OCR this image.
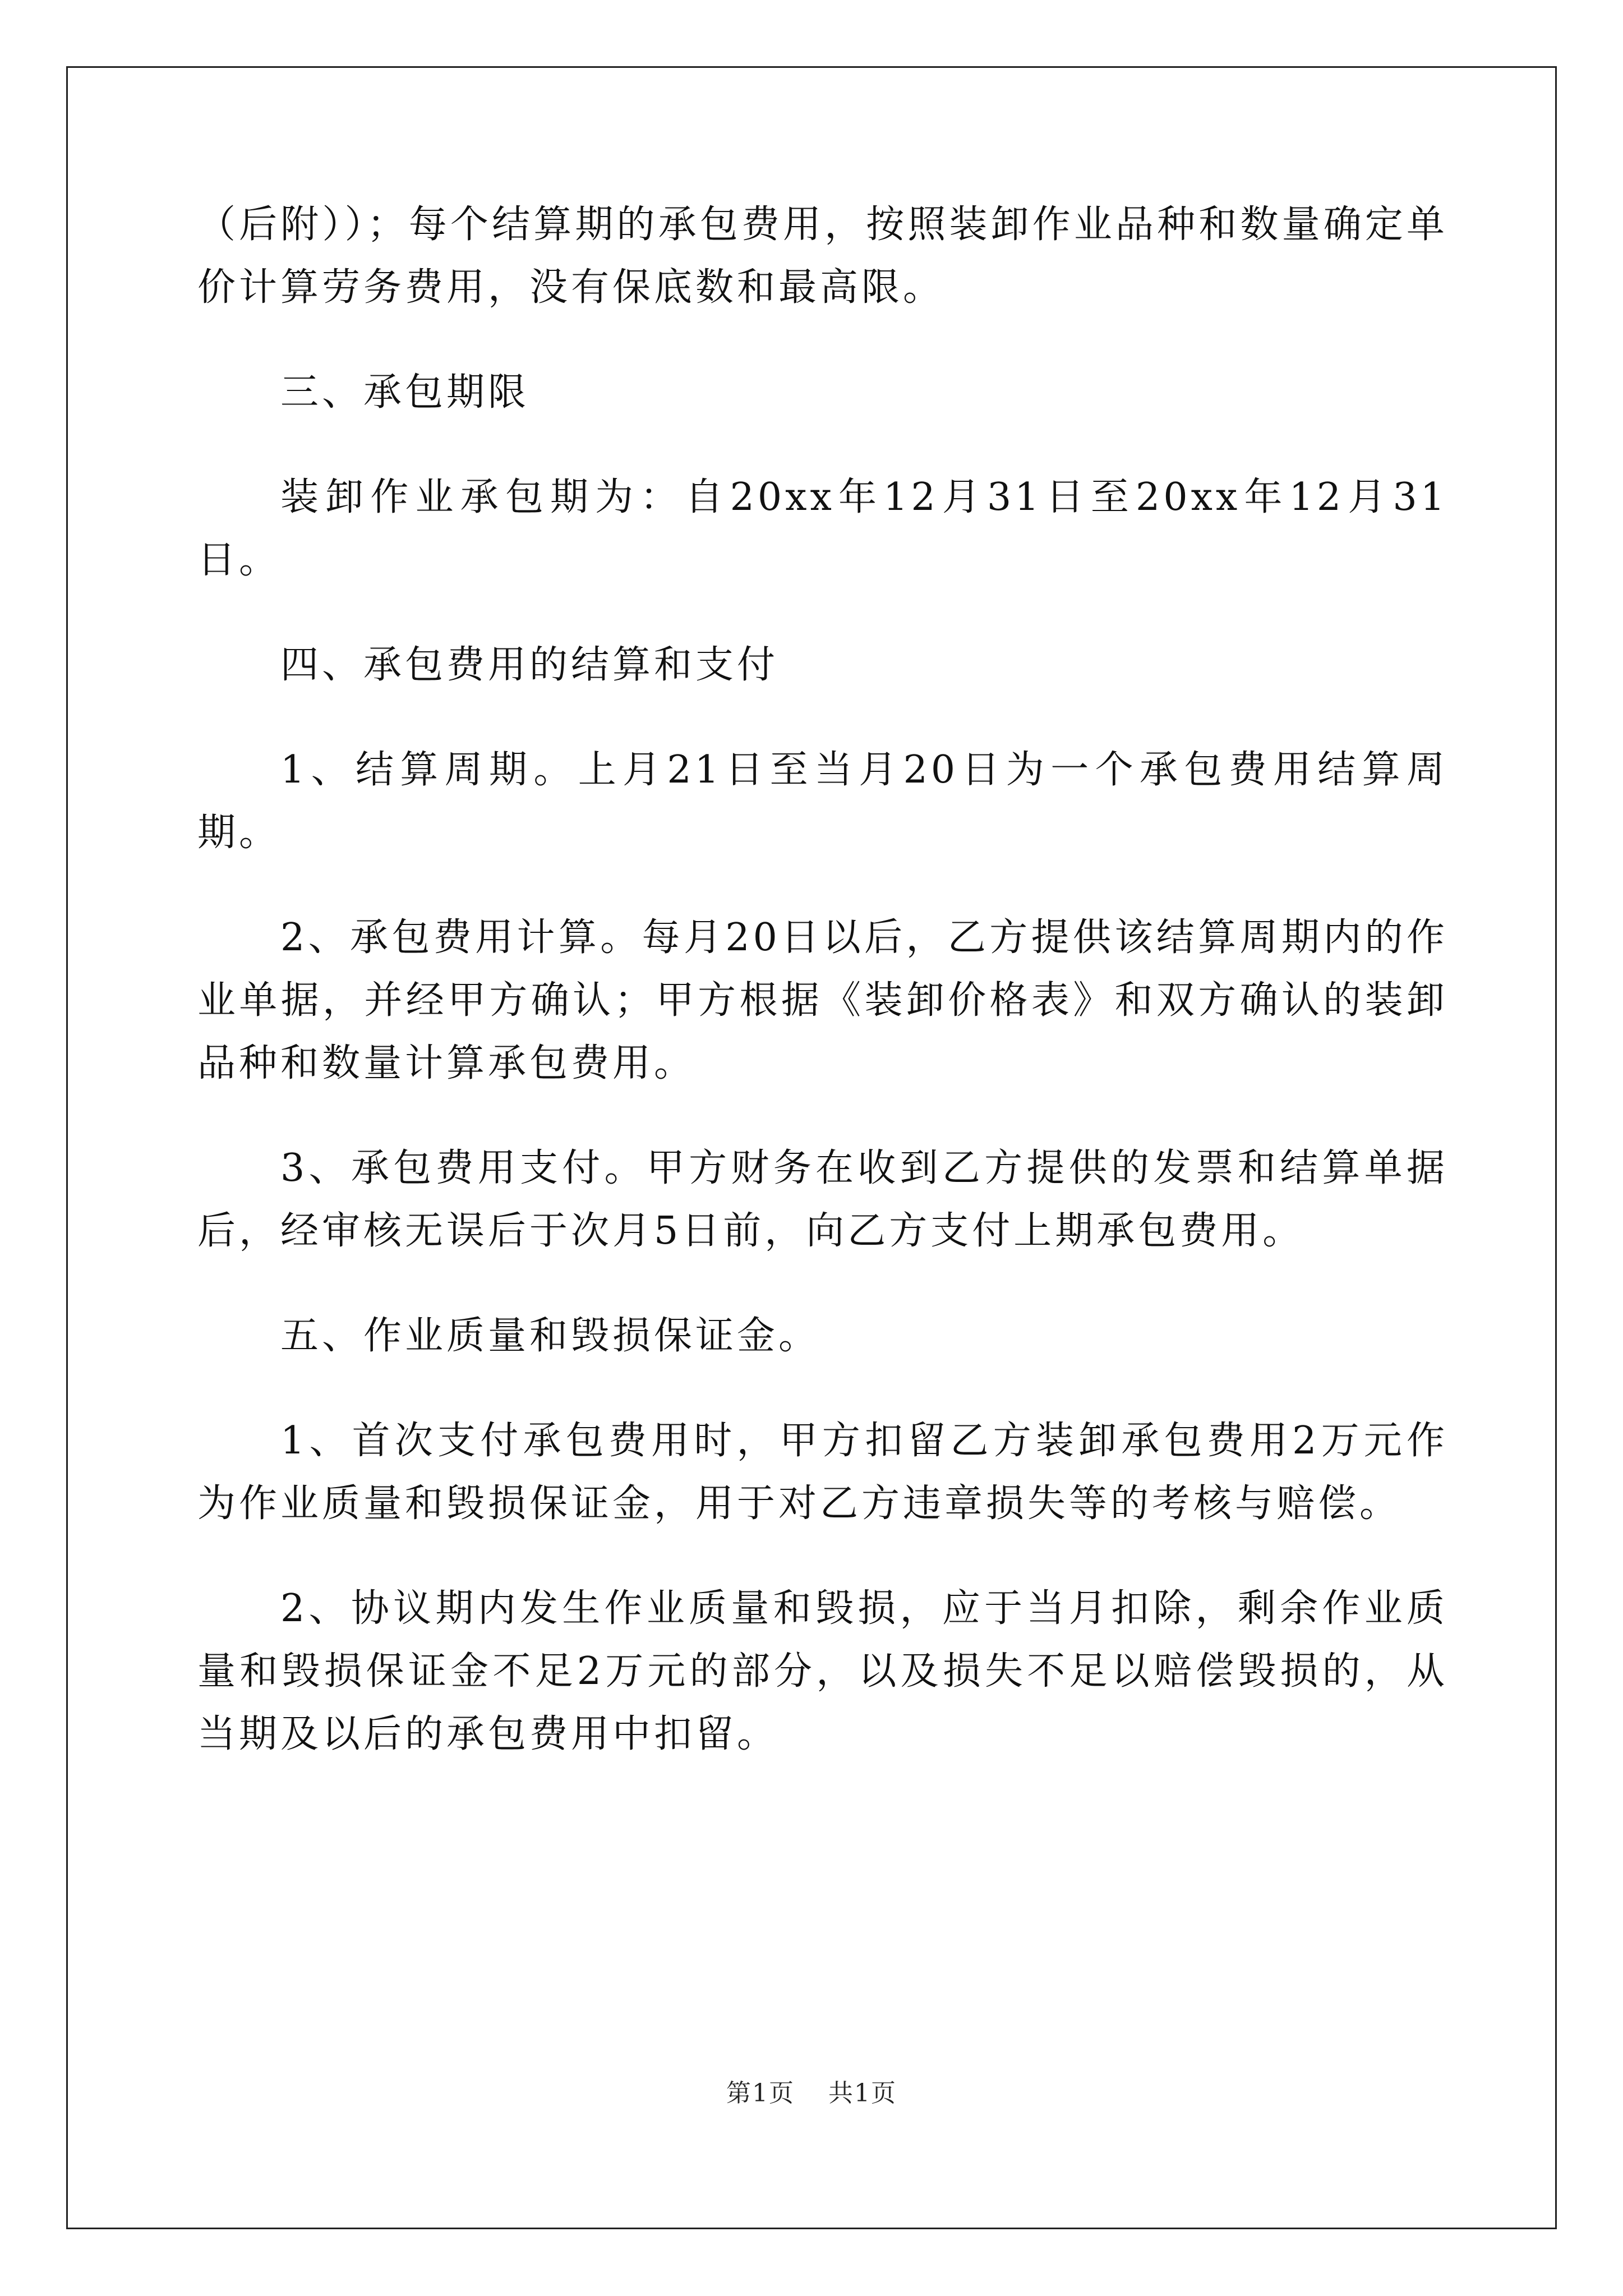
（后附））；每个结算期的承包费用，按照装卸作业品种和数量确定单价计算劳务费用，没有保底数和最高限。

三、承包期限

装卸作业承包期为：自20xx年12月31日至20xx年12月31日。

四、承包费用的结算和支付

1、结算周期。上月21日至当月20日为一个承包费用结算周期。

2、承包费用计算。每月20日以后，乙方提供该结算周期内的作业单据，并经甲方确认；甲方根据《装卸价格表》和双方确认的装卸品种和数量计算承包费用。

3、承包费用支付。甲方财务在收到乙方提供的发票和结算单据后，经审核无误后于次月5日前，向乙方支付上期承包费用。

五、作业质量和毁损保证金。

1、首次支付承包费用时，甲方扣留乙方装卸承包费用2万元作为作业质量和毁损保证金，用于对乙方违章损失等的考核与赔偿。

2、协议期内发生作业质量和毁损，应于当月扣除，剩余作业质量和毁损保证金不足2万元的部分，以及损失不足以赔偿毁损的，从当期及以后的承包费用中扣留。

第1页 共1页
